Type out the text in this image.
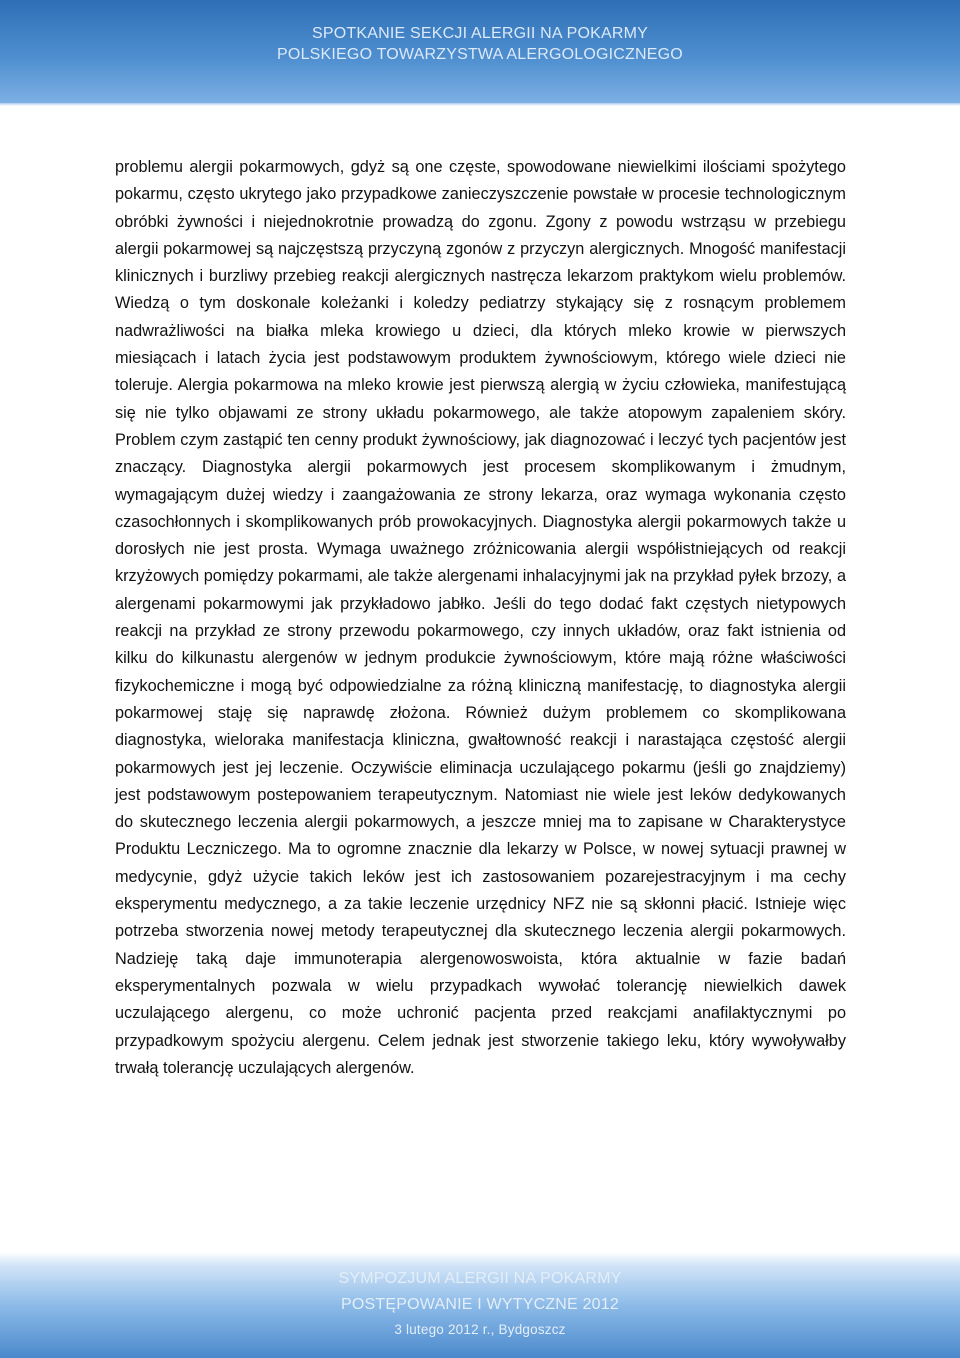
SPOTKANIE SEKCJI ALERGII NA POKARMY
POLSKIEGO TOWARZYSTWA ALERGOLOGICZNEGO

problemu alergii pokarmowych, gdyż są one częste, spowodowane niewielkimi ilościami spożytego pokarmu, często ukrytego jako przypadkowe zanieczyszczenie powstałe w procesie technologicznym obróbki żywności i niejednokrotnie prowadzą do zgonu. Zgony z powodu wstrząsu w przebiegu alergii pokarmowej są najczęstszą przyczyną zgonów z przyczyn alergicznych. Mnogość manifestacji klinicznych i burzliwy przebieg reakcji alergicznych nastręcza lekarzom praktykom wielu problemów. Wiedzą o tym doskonale koleżanki i koledzy pediatrzy stykający się z rosnącym problemem nadwrażliwości na białka mleka krowiego u dzieci, dla których mleko krowie w pierwszych miesiącach i latach życia jest podstawowym produktem żywnościowym, którego wiele dzieci nie toleruje. Alergia pokarmowa na mleko krowie jest pierwszą alergią w życiu człowieka, manifestującą się nie tylko objawami ze strony układu pokarmowego, ale także atopowym zapaleniem skóry. Problem czym zastąpić ten cenny produkt żywnościowy, jak diagnozować i leczyć tych pacjentów jest znaczący. Diagnostyka alergii pokarmowych jest procesem skomplikowanym i żmudnym, wymagającym dużej wiedzy i zaangażowania ze strony lekarza, oraz wymaga wykonania często czasochłonnych i skomplikowanych prób prowokacyjnych. Diagnostyka alergii pokarmowych także u dorosłych nie jest prosta. Wymaga uważnego zróżnicowania alergii współistniejących od reakcji krzyżowych pomiędzy pokarmami, ale także alergenami inhalacyjnymi jak na przykład pyłek brzozy, a alergenami pokarmowymi jak przykładowo jabłko. Jeśli do tego dodać fakt częstych nietypowych reakcji na przykład ze strony przewodu pokarmowego, czy innych układów, oraz fakt istnienia od kilku do kilkunastu alergenów w jednym produkcie żywnościowym, które mają różne właściwości fizykochemiczne i mogą być odpowiedzialne za różną kliniczną manifestację, to diagnostyka alergii pokarmowej staję się naprawdę złożona. Również dużym problemem co skomplikowana diagnostyka, wieloraka manifestacja kliniczna, gwałtowność reakcji i narastająca częstość alergii pokarmowych jest jej leczenie. Oczywiście eliminacja uczulającego pokarmu (jeśli go znajdziemy) jest podstawowym postepowaniem terapeutycznym. Natomiast nie wiele jest leków dedykowanych do skutecznego leczenia alergii pokarmowych, a jeszcze mniej ma to zapisane w Charakterystyce Produktu Leczniczego. Ma to ogromne znacznie dla lekarzy w Polsce, w nowej sytuacji prawnej w medycynie, gdyż użycie takich leków jest ich zastosowaniem pozarejestracyjnym i ma cechy eksperymentu medycznego, a za takie leczenie urzędnicy NFZ nie są skłonni płacić. Istnieje więc potrzeba stworzenia nowej metody terapeutycznej dla skutecznego leczenia alergii pokarmowych. Nadzieję taką daje immunoterapia alergenowoswoista, która aktualnie w fazie badań eksperymentalnych pozwala w wielu przypadkach wywołać tolerancję niewielkich dawek uczulającego alergenu, co może uchronić pacjenta przed reakcjami anafilaktycznymi po przypadkowym spożyciu alergenu. Celem jednak jest stworzenie takiego leku, który wywoływałby trwałą tolerancję uczulających alergenów.

SYMPOZJUM ALERGII NA POKARMY
POSTĘPOWANIE I WYTYCZNE 2012
3 lutego 2012 r., Bydgoszcz
